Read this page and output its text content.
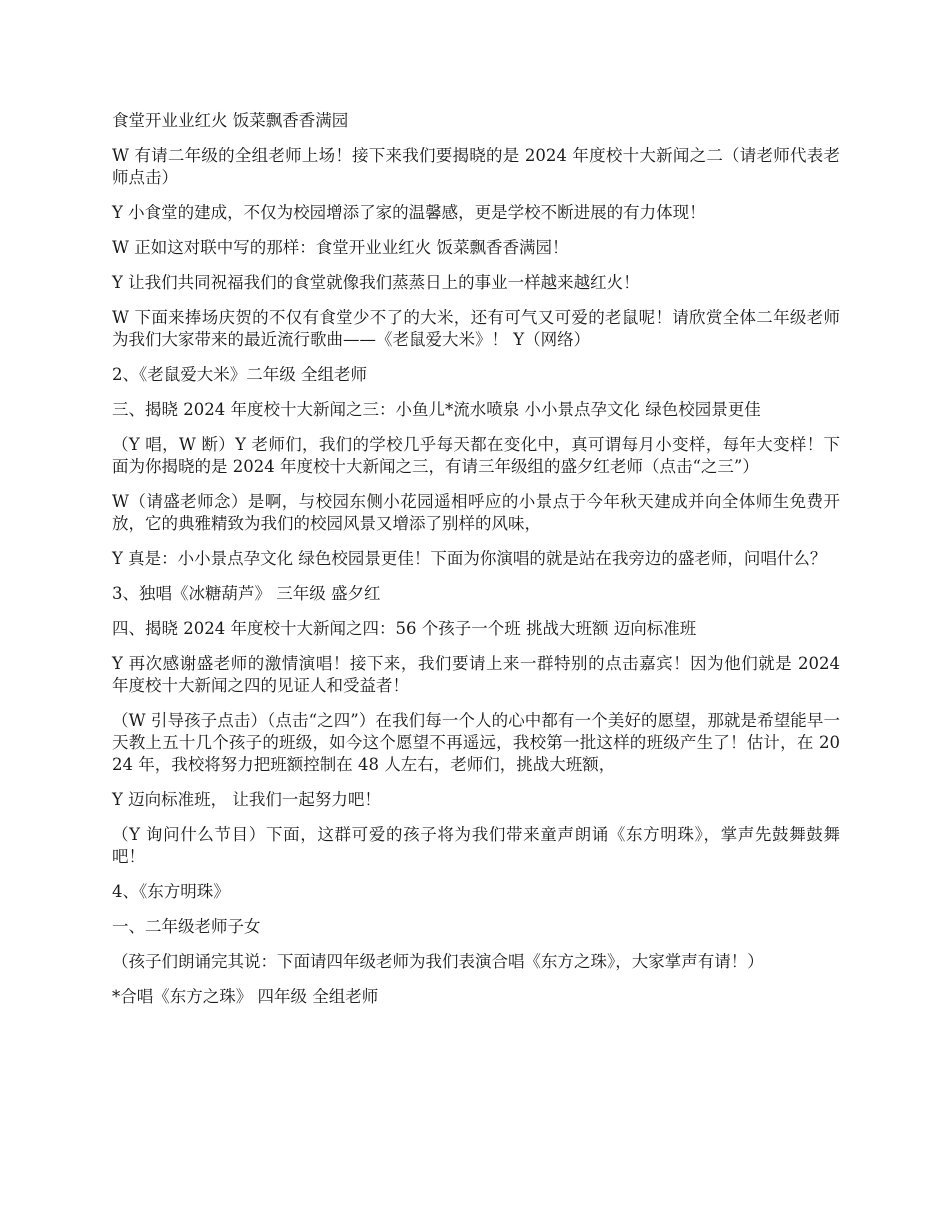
食堂开业业红火 饭菜飘香香满园

W 有请二年级的全组老师上场！接下来我们要揭晓的是 2024 年度校十大新闻之二（请老师代表老师点击）

Y 小食堂的建成，不仅为校园增添了家的温馨感，更是学校不断进展的有力体现！

W 正如这对联中写的那样：食堂开业业红火 饭菜飘香香满园！

Y 让我们共同祝福我们的食堂就像我们蒸蒸日上的事业一样越来越红火！

W 下面来捧场庆贺的不仅有食堂少不了的大米，还有可气又可爱的老鼠呢！请欣赏全体二年级老师为我们大家带来的最近流行歌曲——《老鼠爱大米》！ Y（网络）

2、《老鼠爱大米》二年级 全组老师

三、揭晓 2024 年度校十大新闻之三：小鱼儿*流水喷泉 小小景点孕文化 绿色校园景更佳

（Y 唱，W 断）Y 老师们，我们的学校几乎每天都在变化中，真可谓每月小变样，每年大变样！下面为你揭晓的是 2024 年度校十大新闻之三，有请三年级组的盛夕红老师（点击“之三”）

W（请盛老师念）是啊，与校园东侧小花园遥相呼应的小景点于今年秋天建成并向全体师生免费开放，它的典雅精致为我们的校园风景又增添了别样的风味，

Y 真是：小小景点孕文化 绿色校园景更佳！下面为你演唱的就是站在我旁边的盛老师，问唱什么？

3、独唱《冰糖葫芦》 三年级 盛夕红

四、揭晓 2024 年度校十大新闻之四：56 个孩子一个班 挑战大班额 迈向标准班

Y 再次感谢盛老师的激情演唱！接下来，我们要请上来一群特别的点击嘉宾！因为他们就是 2024 年度校十大新闻之四的见证人和受益者！

（W 引导孩子点击）（点击“之四”）在我们每一个人的心中都有一个美好的愿望，那就是希望能早一天教上五十几个孩子的班级，如今这个愿望不再遥远，我校第一批这样的班级产生了！估计，在 2024 年，我校将努力把班额控制在 48 人左右，老师们，挑战大班额，

Y 迈向标准班， 让我们一起努力吧！

（Y 询问什么节目）下面，这群可爱的孩子将为我们带来童声朗诵《东方明珠》，掌声先鼓舞鼓舞吧！

4、《东方明珠》

一、二年级老师子女

（孩子们朗诵完其说：下面请四年级老师为我们表演合唱《东方之珠》，大家掌声有请！）

*合唱《东方之珠》 四年级 全组老师
